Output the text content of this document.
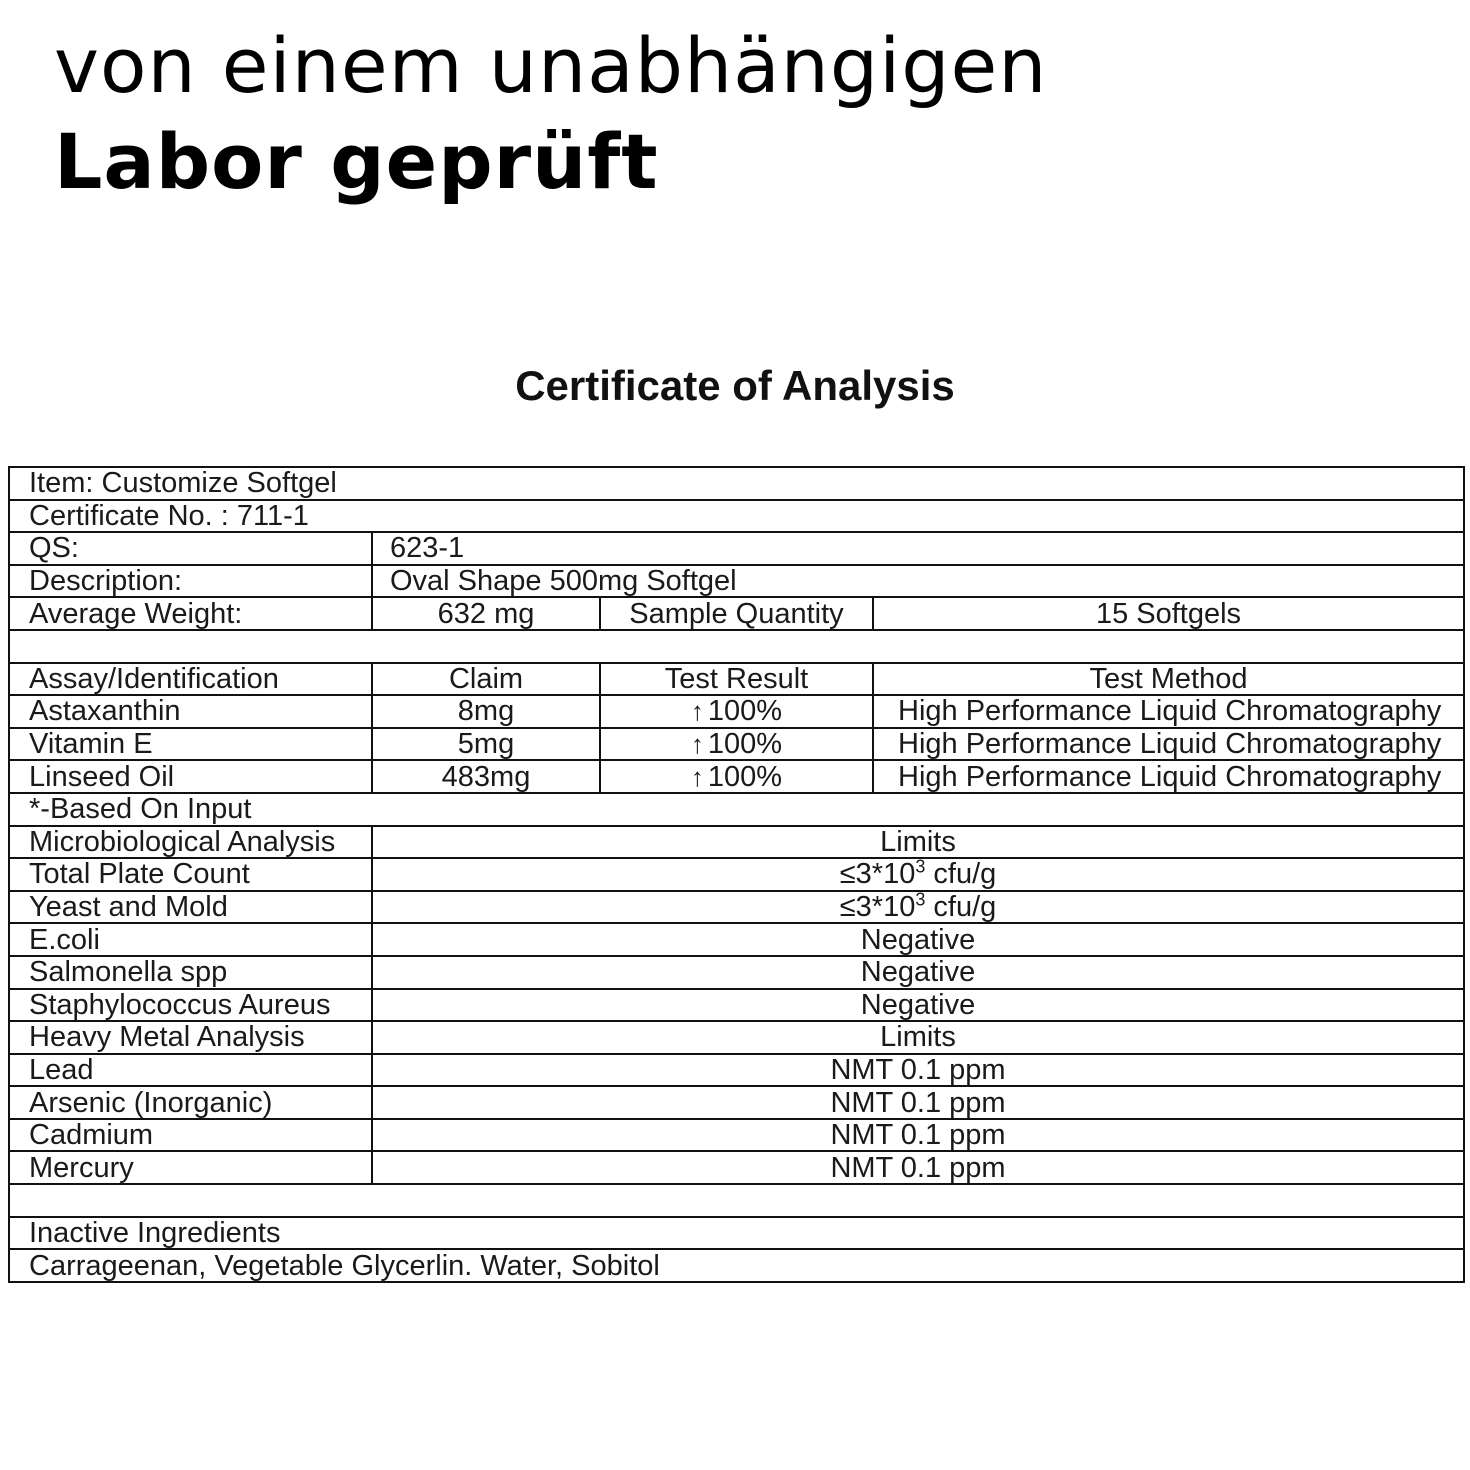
von einem unabhängigen
Labor geprüft
Certificate of Analysis
Item: Customize Softgel			
Certificate No. : 711-1			
QS:	623-1		
Description:	Oval Shape 500mg Softgel		
Average Weight:	632 mg	Sample Quantity	15 Softgels

Assay/Identification	Claim	Test Result	Test Method
Astaxanthin	8mg	↑ 100%	High Performance Liquid Chromatography
Vitamin E	5mg	↑ 100%	High Performance Liquid Chromatography
Linseed Oil	483mg	↑ 100%	High Performance Liquid Chromatography
*-Based On Input			
Microbiological Analysis	Limits		
Total Plate Count	$\le 3*10^3$ cfu/g		
Yeast and Mold	$\le 3*10^3$ cfu/g		
E.coli	Negative		
Salmonella spp	Negative		
Staphylococcus Aureus	Negative		
Heavy Metal Analysis	Limits		
Lead	NMT 0.1 ppm		
Arsenic (Inorganic)	NMT 0.1 ppm		
Cadmium	NMT 0.1 ppm		
Mercury	NMT 0.1 ppm		

Inactive Ingredients			
Carrageenan, Vegetable Glycerlin. Water, Sobitol			
